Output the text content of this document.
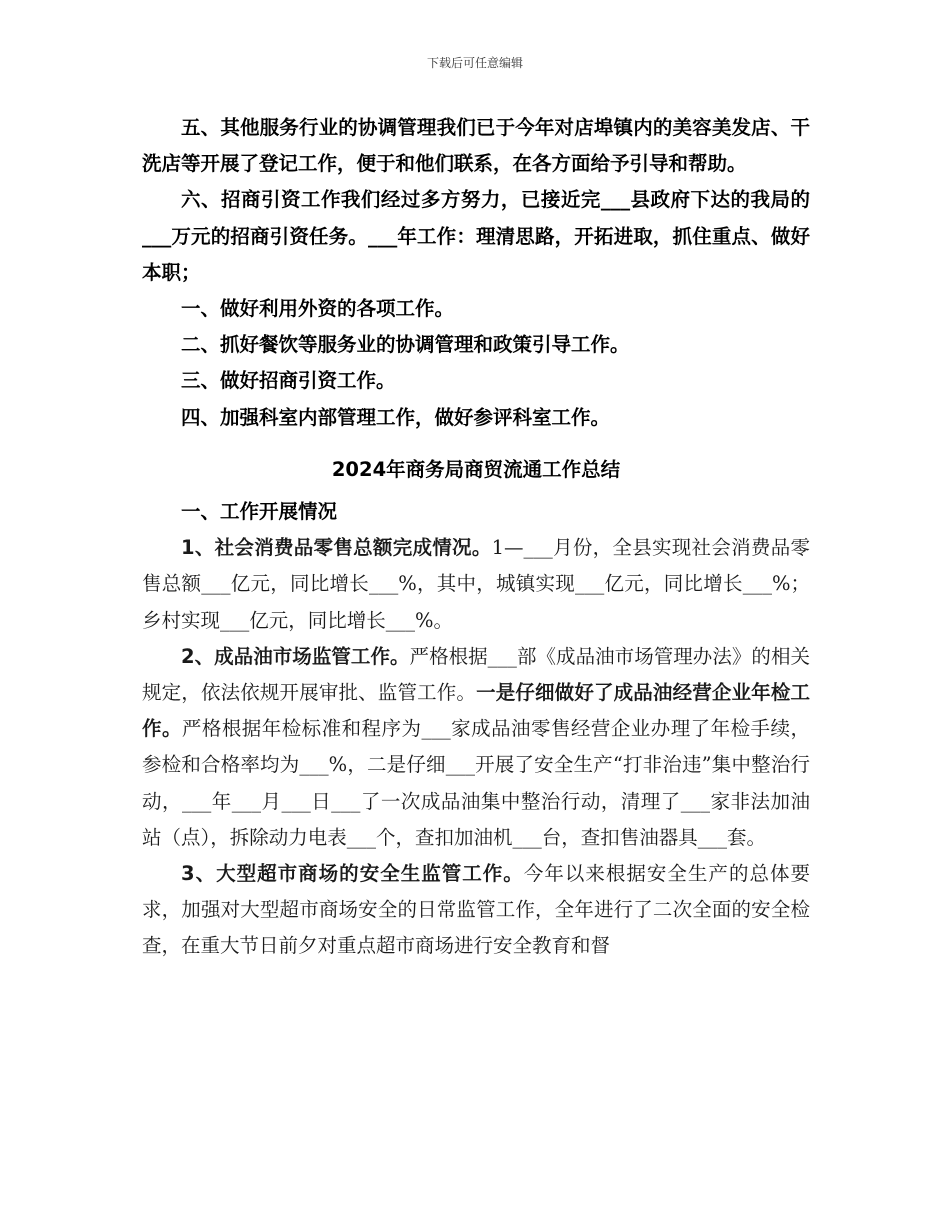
下载后可任意编辑

五、其他服务行业的协调管理我们已于今年对店埠镇内的美容美发店、干洗店等开展了登记工作，便于和他们联系，在各方面给予引导和帮助。

六、招商引资工作我们经过多方努力，已接近完___县政府下达的我局的___万元的招商引资任务。___年工作：理清思路，开拓进取，抓住重点、做好本职；

一、做好利用外资的各项工作。

二、抓好餐饮等服务业的协调管理和政策引导工作。

三、做好招商引资工作。

四、加强科室内部管理工作，做好参评科室工作。

2024年商务局商贸流通工作总结

一、工作开展情况

1、社会消费品零售总额完成情况。1—___月份，全县实现社会消费品零售总额___亿元，同比增长___%，其中，城镇实现___亿元，同比增长___%；乡村实现___亿元，同比增长___%。

2、成品油市场监管工作。严格根据___部《成品油市场管理办法》的相关规定，依法依规开展审批、监管工作。一是仔细做好了成品油经营企业年检工作。严格根据年检标准和程序为___家成品油零售经营企业办理了年检手续，参检和合格率均为___%，二是仔细___开展了安全生产“打非治违”集中整治行动，___年___月___日___了一次成品油集中整治行动，清理了___家非法加油站（点），拆除动力电表___个，查扣加油机___台，查扣售油器具___套。

3、大型超市商场的安全生监管工作。今年以来根据安全生产的总体要求，加强对大型超市商场安全的日常监管工作，全年进行了二次全面的安全检查，在重大节日前夕对重点超市商场进行安全教育和督
